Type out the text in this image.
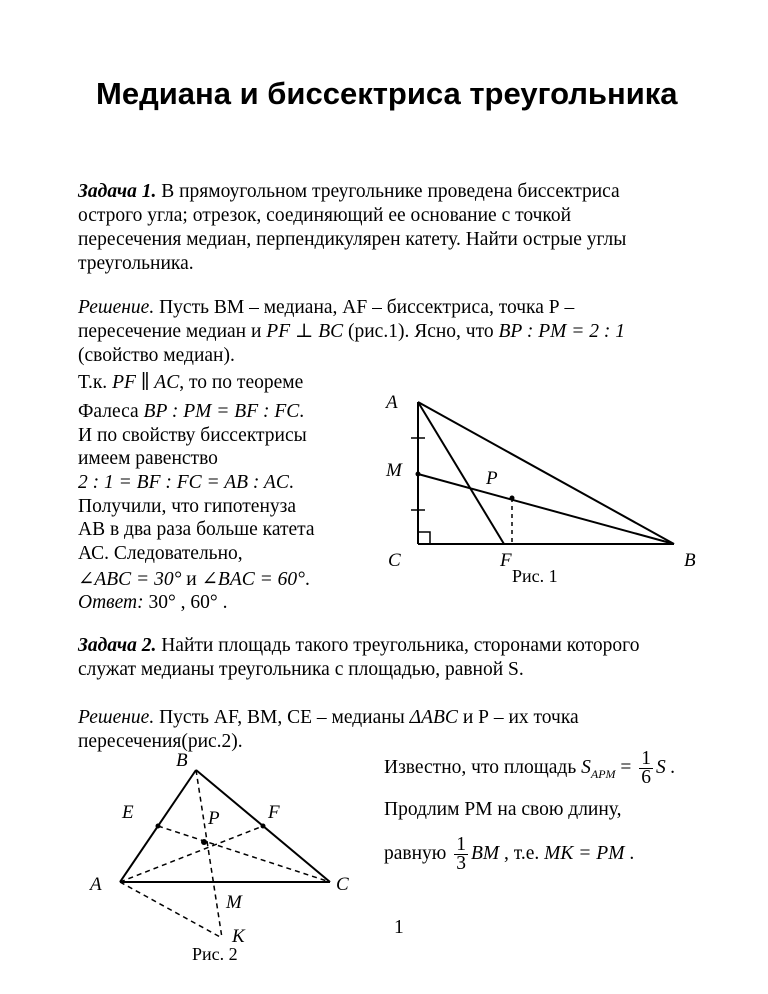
Медиана и биссектриса треугольника
Задача 1. В прямоугольном треугольнике проведена биссектриса
острого угла; отрезок, соединяющий ее основание с точкой
пересечения медиан, перпендикулярен катету. Найти острые углы
треугольника.
Решение. Пусть ВМ – медиана, AF – биссектриса, точка Р –
пересечение медиан и PF ⊥ BC (рис.1). Ясно, что BP : PM = 2 : 1
(свойство медиан).
Т.к. PF ∥ AC, то по теореме
Фалеса BP : PM = BF : FC.
И по свойству биссектрисы
имеем равенство
2 : 1 = BF : FC = AB : AC.
Получили, что гипотенуза
АВ в два раза больше катета
АС. Следовательно,
∠ABC = 30° и ∠BAC = 60°.
Ответ: 30° , 60° .
A
M	P
C	F	B
Рис. 1
Задача 2. Найти площадь такого треугольника, сторонами которого
служат медианы треугольника с площадью, равной S.
Решение. Пусть AF, BM, CE – медианы ΔABC и Р – их точка
пересечения(рис.2).
Известно, что площадь $S_{APM} = \frac{1}{6}$ S .
Продлим РМ на свою длину,
равную $\frac{1}{3}$ BM , т.е. MK = PM .
B
E	F
P
A	C
M
K
Рис. 2
1
